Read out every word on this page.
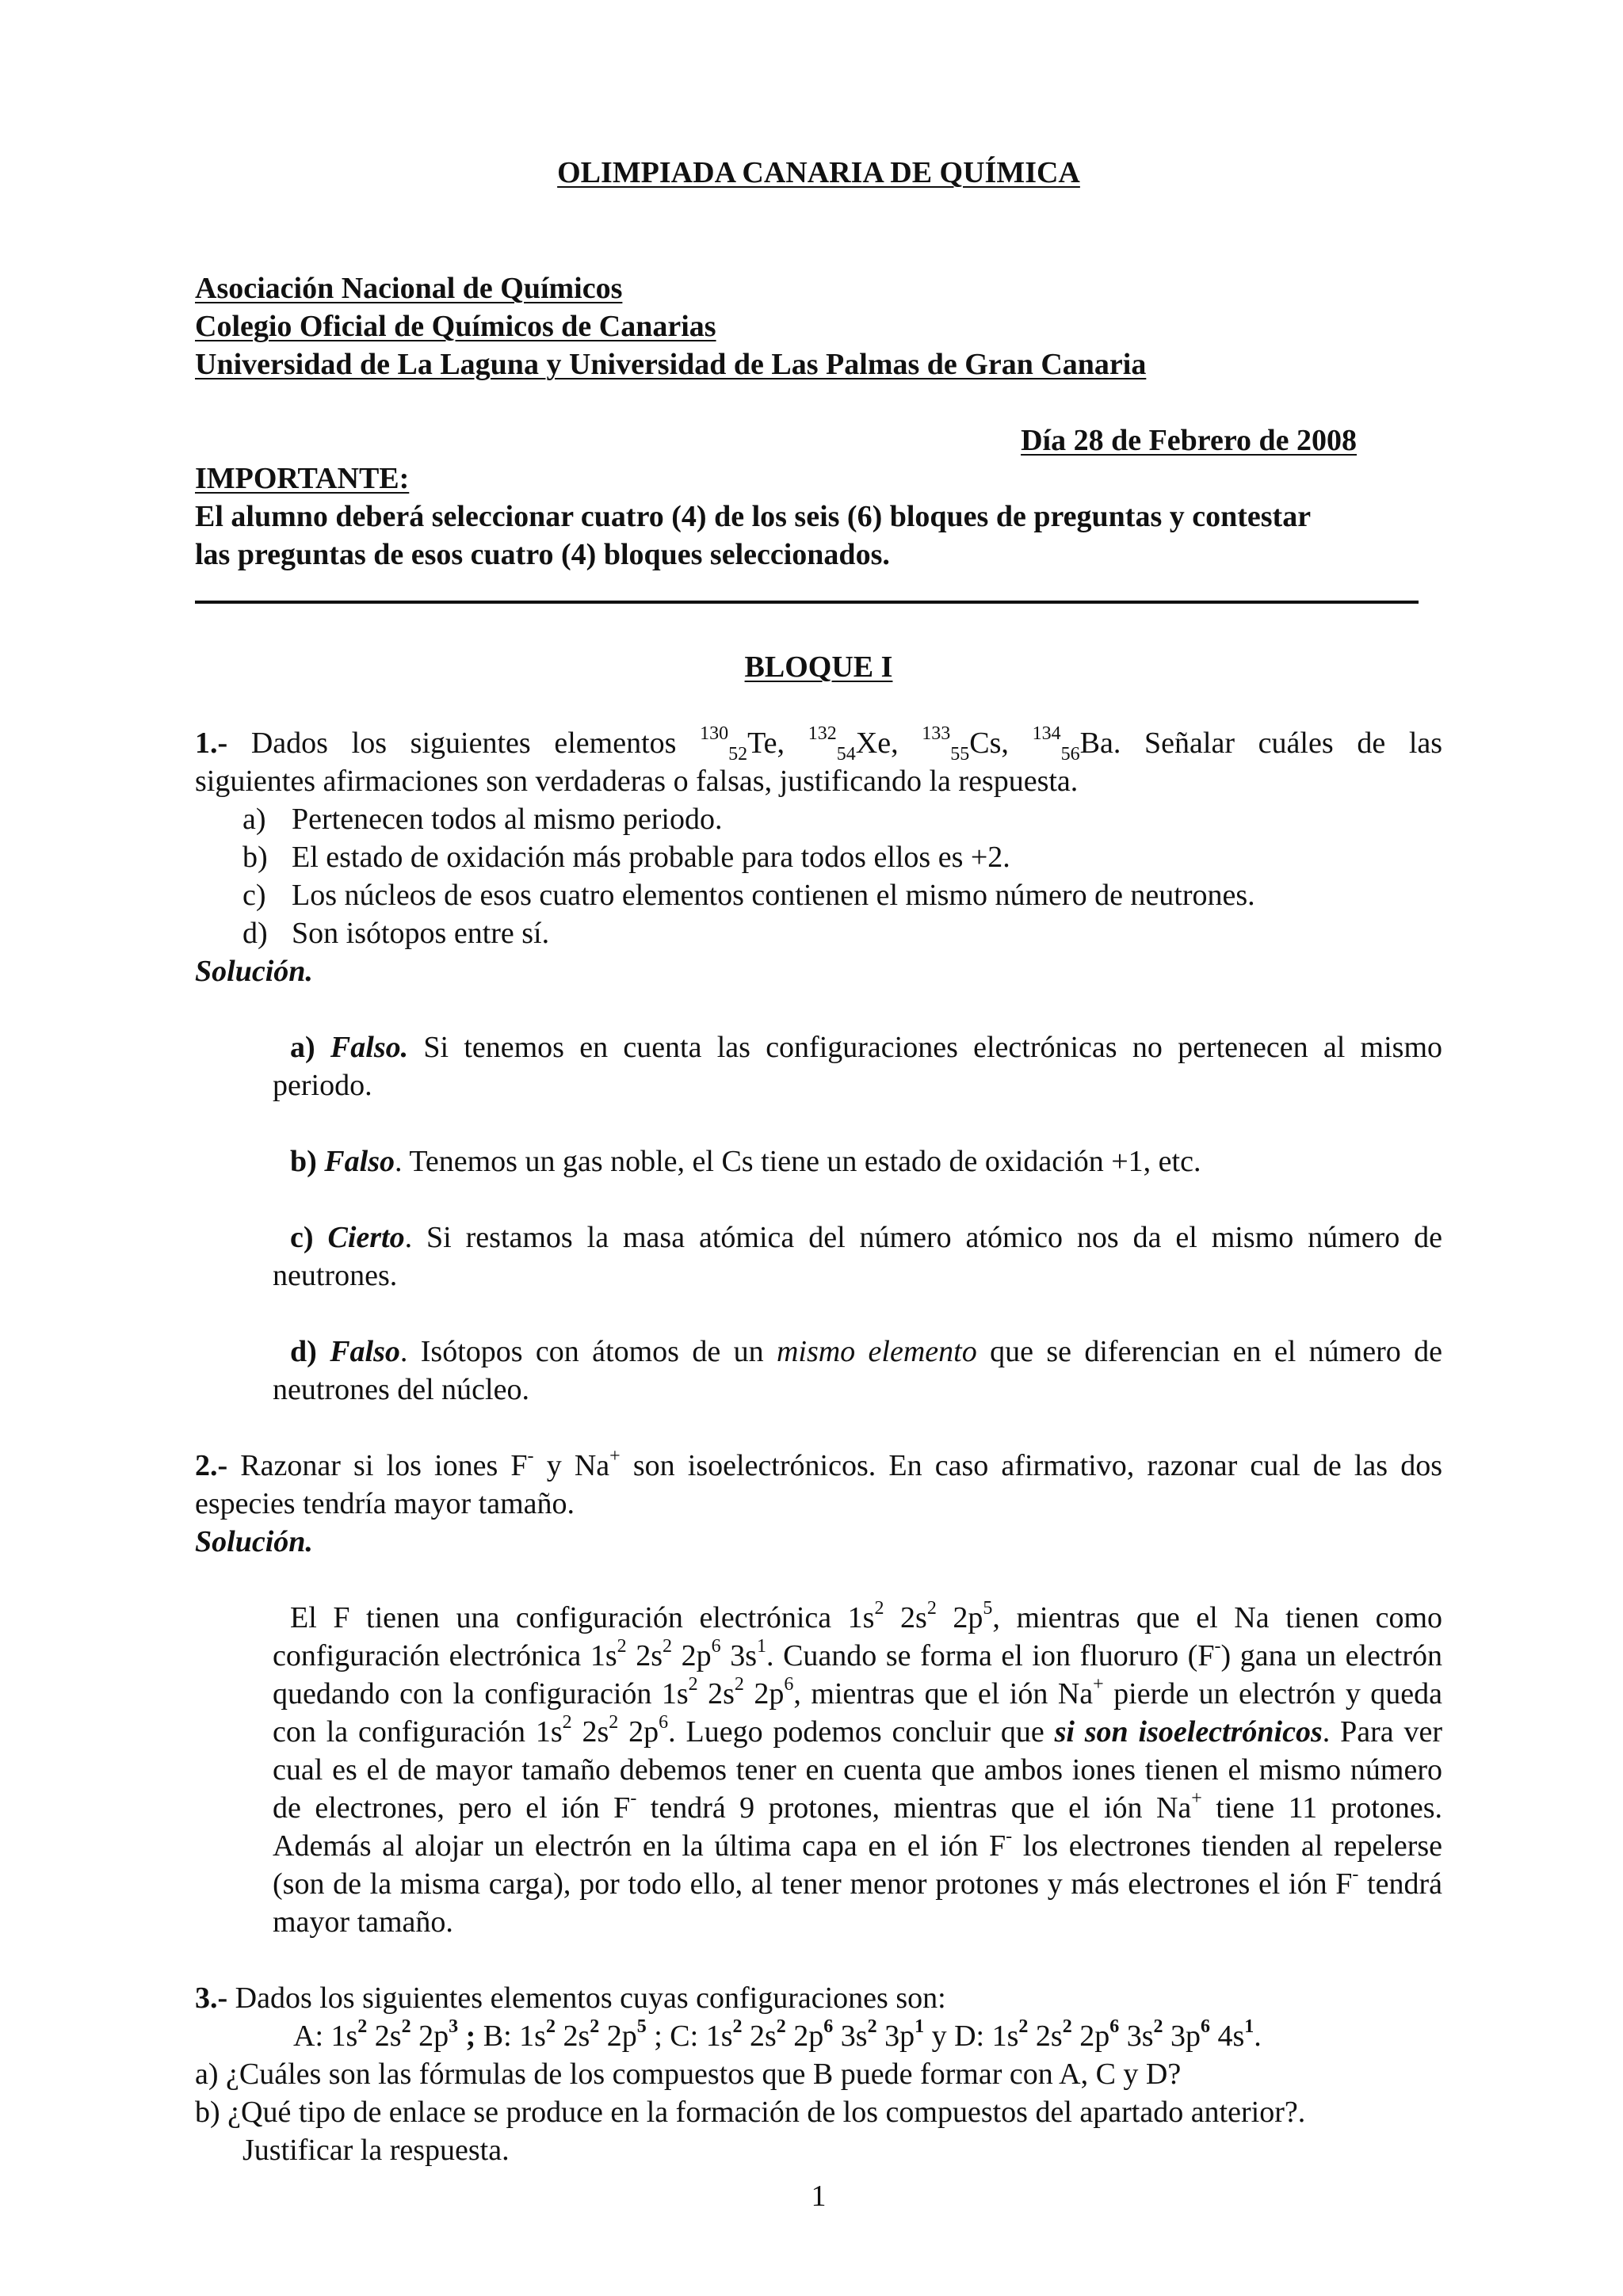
OLIMPIADA CANARIA DE QUÍMICA
Asociación Nacional de Químicos
Colegio Oficial de Químicos de Canarias
Universidad de La Laguna y Universidad de Las Palmas de Gran Canaria
Día 28 de Febrero de 2008
IMPORTANTE:
El alumno deberá seleccionar cuatro (4) de los seis (6) bloques de preguntas y contestar
las preguntas de esos cuatro (4) bloques seleccionados.
BLOQUE I
1.- Dados los siguientes elementos $^{130}_{52}$Te, $^{132}_{54}$Xe, $^{133}_{55}$Cs, $^{134}_{56}$Ba. Señalar cuáles de las
siguientes afirmaciones son verdaderas o falsas, justificando la respuesta.
a) Pertenecen todos al mismo periodo.
b) El estado de oxidación más probable para todos ellos es +2.
c) Los núcleos de esos cuatro elementos contienen el mismo número de neutrones.
d) Son isótopos entre sí.
Solución.
a) Falso. Si tenemos en cuenta las configuraciones electrónicas no pertenecen al mismo periodo.
b) Falso. Tenemos un gas noble, el Cs tiene un estado de oxidación +1, etc.
c) Cierto. Si restamos la masa atómica del número atómico nos da el mismo número de neutrones.
d) Falso. Isótopos con átomos de un mismo elemento que se diferencian en el número de neutrones del núcleo.
2.- Razonar si los iones F- y Na+ son isoelectrónicos. En caso afirmativo, razonar cual de las dos especies tendría mayor tamaño.
Solución.
El F tienen una configuración electrónica $1s^2$ $2s^2$ $2p^5$, mientras que el Na tienen como configuración electrónica $1s^2$ $2s^2$ $2p^6$ $3s^1$. Cuando se forma el ion fluoruro (F-) gana un electrón quedando con la configuración $1s^2$ $2s^2$ $2p^6$, mientras que el ión Na+ pierde un electrón y queda con la configuración $1s^2$ $2s^2$ $2p^6$. Luego podemos concluir que si son isoelectrónicos. Para ver cual es el de mayor tamaño debemos tener en cuenta que ambos iones tienen el mismo número de electrones, pero el ión F- tendrá 9 protones, mientras que el ión Na+ tiene 11 protones. Además al alojar un electrón en la última capa en el ión F- los electrones tienden al repelerse (son de la misma carga), por todo ello, al tener menor protones y más electrones el ión F- tendrá mayor tamaño.
3.- Dados los siguientes elementos cuyas configuraciones son:
A: $1s^2$ $2s^2$ $2p^3$ ; B: $1s^2$ $2s^2$ $2p^5$ ; C: $1s^2$ $2s^2$ $2p^6$ $3s^2$ $3p^1$ y D: $1s^2$ $2s^2$ $2p^6$ $3s^2$ $3p^6$ $4s^1$.
a) ¿Cuáles son las fórmulas de los compuestos que B puede formar con A, C y D?
b) ¿Qué tipo de enlace se produce en la formación de los compuestos del apartado anterior?.
Justificar la respuesta.
1
